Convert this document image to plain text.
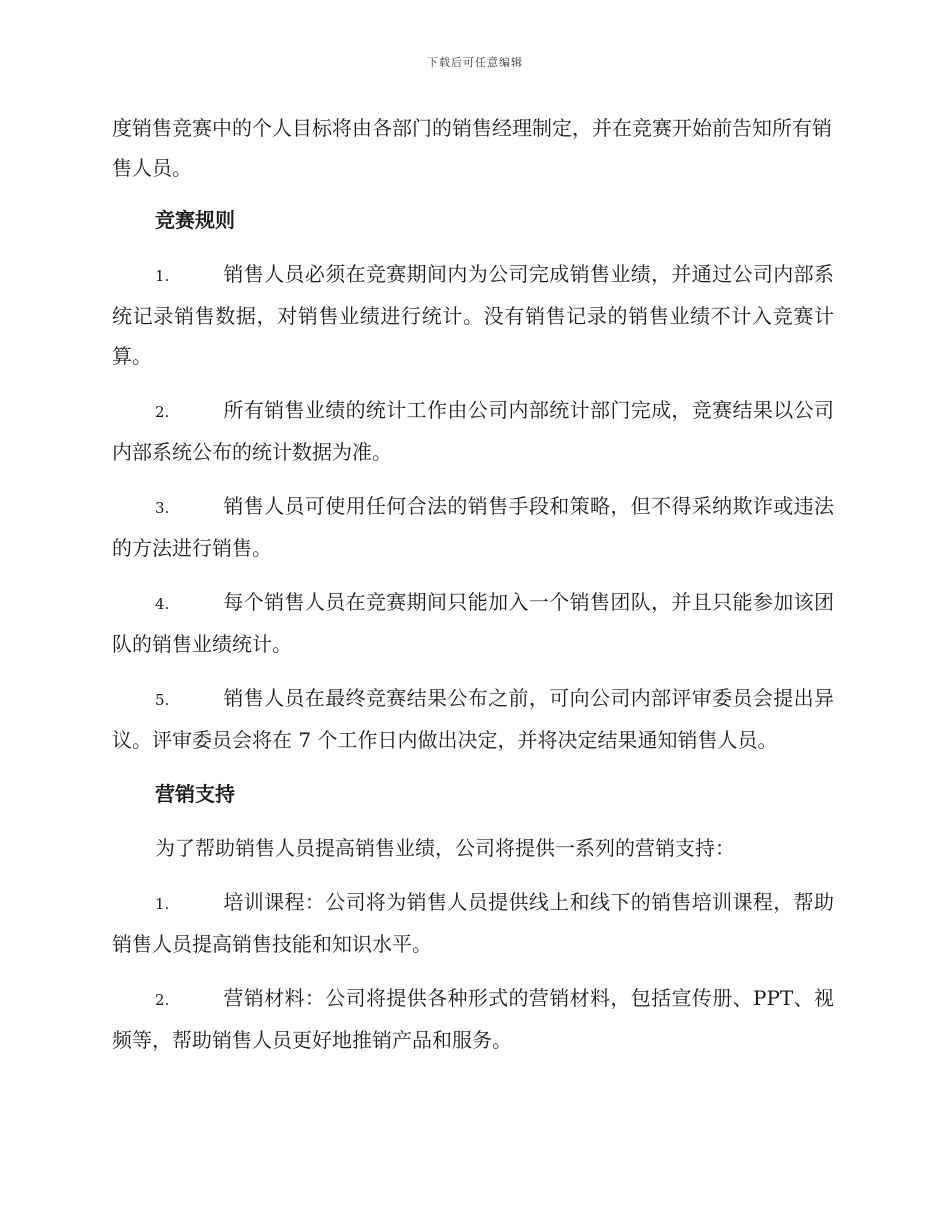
下载后可任意编辑

度销售竞赛中的个人目标将由各部门的销售经理制定，并在竞赛开始前告知所有销售人员。

竞赛规则

1.	销售人员必须在竞赛期间内为公司完成销售业绩，并通过公司内部系统记录销售数据，对销售业绩进行统计。没有销售记录的销售业绩不计入竞赛计算。

2.	所有销售业绩的统计工作由公司内部统计部门完成，竞赛结果以公司内部系统公布的统计数据为准。

3.	销售人员可使用任何合法的销售手段和策略，但不得采纳欺诈或违法的方法进行销售。

4.	每个销售人员在竞赛期间只能加入一个销售团队，并且只能参加该团队的销售业绩统计。

5.	销售人员在最终竞赛结果公布之前，可向公司内部评审委员会提出异议。评审委员会将在 7 个工作日内做出决定，并将决定结果通知销售人员。

营销支持

为了帮助销售人员提高销售业绩，公司将提供一系列的营销支持：

1.	培训课程：公司将为销售人员提供线上和线下的销售培训课程，帮助销售人员提高销售技能和知识水平。

2.	营销材料：公司将提供各种形式的营销材料，包括宣传册、PPT、视频等，帮助销售人员更好地推销产品和服务。
